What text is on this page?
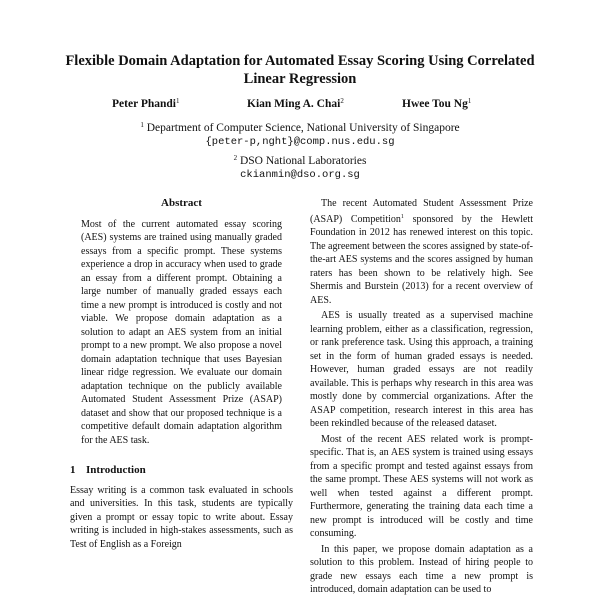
Flexible Domain Adaptation for Automated Essay Scoring Using Correlated Linear Regression
Peter Phandi$^1$	Kian Ming A. Chai$^2$	Hwee Tou Ng$^1$
$^1$ Department of Computer Science, National University of Singapore
{peter-p,nght}@comp.nus.edu.sg
$^2$ DSO National Laboratories
ckianmin@dso.org.sg
Abstract

Most of the current automated essay scoring (AES) systems are trained using manually graded essays from a specific prompt. These systems experience a drop in accuracy when used to grade an essay from a different prompt. Obtaining a large number of manually graded essays each time a new prompt is introduced is costly and not viable. We propose domain adaptation as a solution to adapt an AES system from an initial prompt to a new prompt. We also propose a novel domain adaptation technique that uses Bayesian linear ridge regression. We evaluate our domain adaptation technique on the publicly available Automated Student Assessment Prize (ASAP) dataset and show that our proposed technique is a competitive default domain adaptation algorithm for the AES task.

1 Introduction

Essay writing is a common task evaluated in schools and universities. In this task, students are typically given a prompt or essay topic to write about. Essay writing is included in high-stakes assessments, such as Test of English as a Foreign

The recent Automated Student Assessment Prize (ASAP) Competition$^1$ sponsored by the Hewlett Foundation in 2012 has renewed interest on this topic. The agreement between the scores assigned by state-of-the-art AES systems and the scores assigned by human raters has been shown to be relatively high. See Shermis and Burstein (2013) for a recent overview of AES.

AES is usually treated as a supervised machine learning problem, either as a classification, regression, or rank preference task. Using this approach, a training set in the form of human graded essays is needed. However, human graded essays are not readily available. This is perhaps why research in this area was mostly done by commercial organizations. After the ASAP competition, research interest in this area has been rekindled because of the released dataset.

Most of the recent AES related work is prompt-specific. That is, an AES system is trained using essays from a specific prompt and tested against essays from the same prompt. These AES systems will not work as well when tested against a different prompt. Furthermore, generating the training data each time a new prompt is introduced will be costly and time consuming.

In this paper, we propose domain adaptation as a solution to this problem. Instead of hiring people to grade new essays each time a new prompt is introduced, domain adaptation can be used to
